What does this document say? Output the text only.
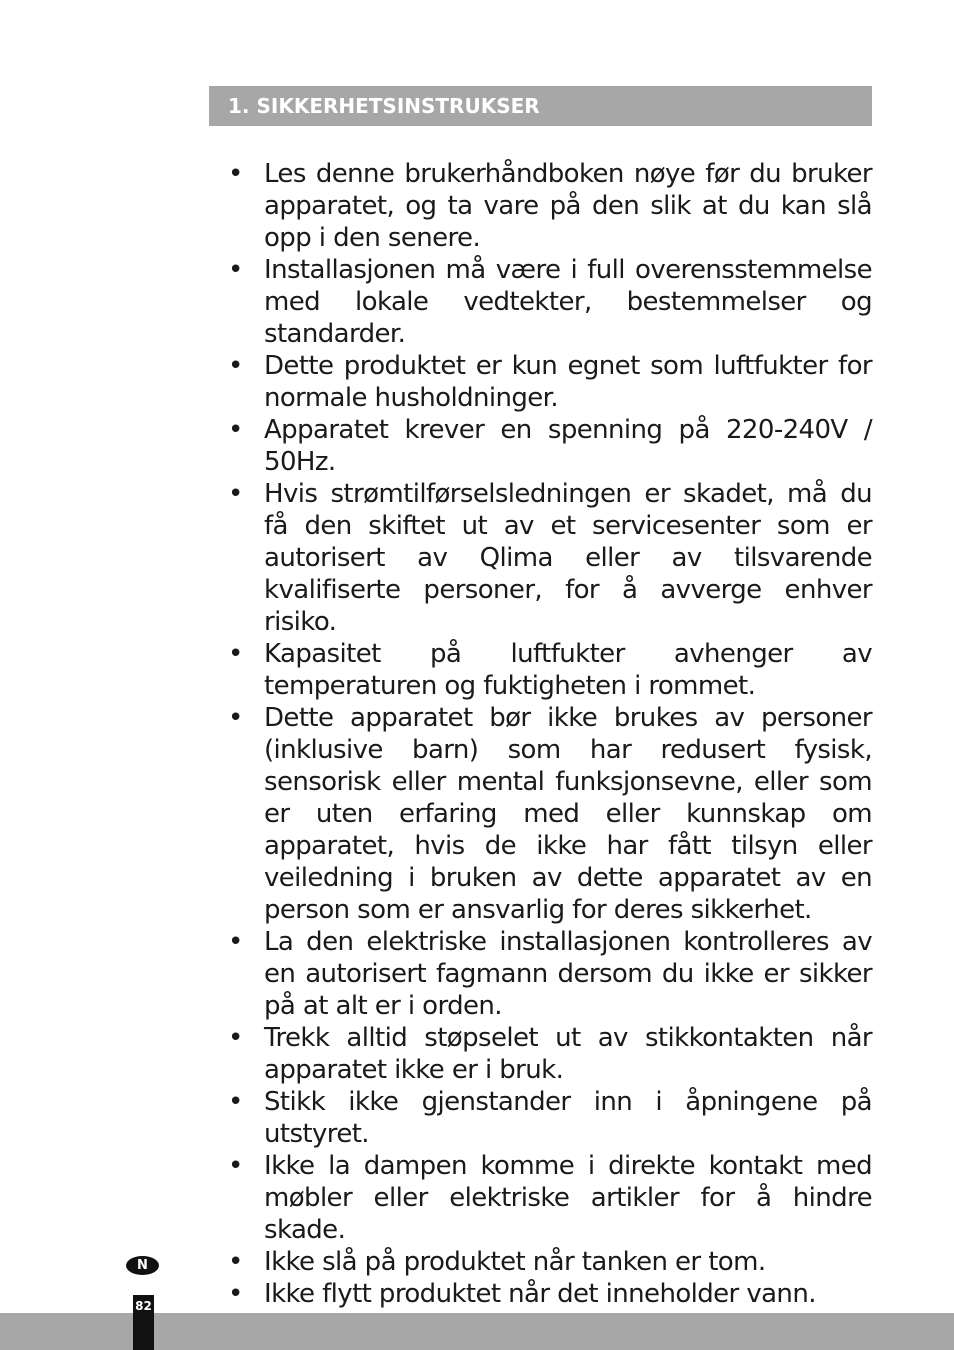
1. SIKKERHETSINSTRUKSER
• Les denne brukerhåndboken nøye før du bruker apparatet, og ta vare på den slik at du kan slå opp i den senere.
• Installasjonen må være i full overensstemmelse med lokale vedtekter, bestemmelser og standarder.
• Dette produktet er kun egnet som luftfukter for normale husholdninger.
• Apparatet krever en spenning på 220-240V / 50Hz.
• Hvis strømtilførselsledningen er skadet, må du få den skiftet ut av et servicesenter som er autorisert av Qlima eller av tilsvarende kvalifiserte personer, for å avverge enhver risiko.
• Kapasitet på luftfukter avhenger av temperaturen og fuktigheten i rommet.
• Dette apparatet bør ikke brukes av personer (inklusive barn) som har redusert fysisk, sensorisk eller mental funksjonsevne, eller som er uten erfaring med eller kunnskap om apparatet, hvis de ikke har fått tilsyn eller veiledning i bruken av dette apparatet av en person som er ansvarlig for deres sikkerhet.
• La den elektriske installasjonen kontrolleres av en autorisert fagmann dersom du ikke er sikker på at alt er i orden.
• Trekk alltid støpselet ut av stikkontakten når apparatet ikke er i bruk.
• Stikk ikke gjenstander inn i åpningene på utstyret.
• Ikke la dampen komme i direkte kontakt med møbler eller elektriske artikler for å hindre skade.
• Ikke slå på produktet når tanken er tom.
• Ikke flytt produktet når det inneholder vann.
N
82
